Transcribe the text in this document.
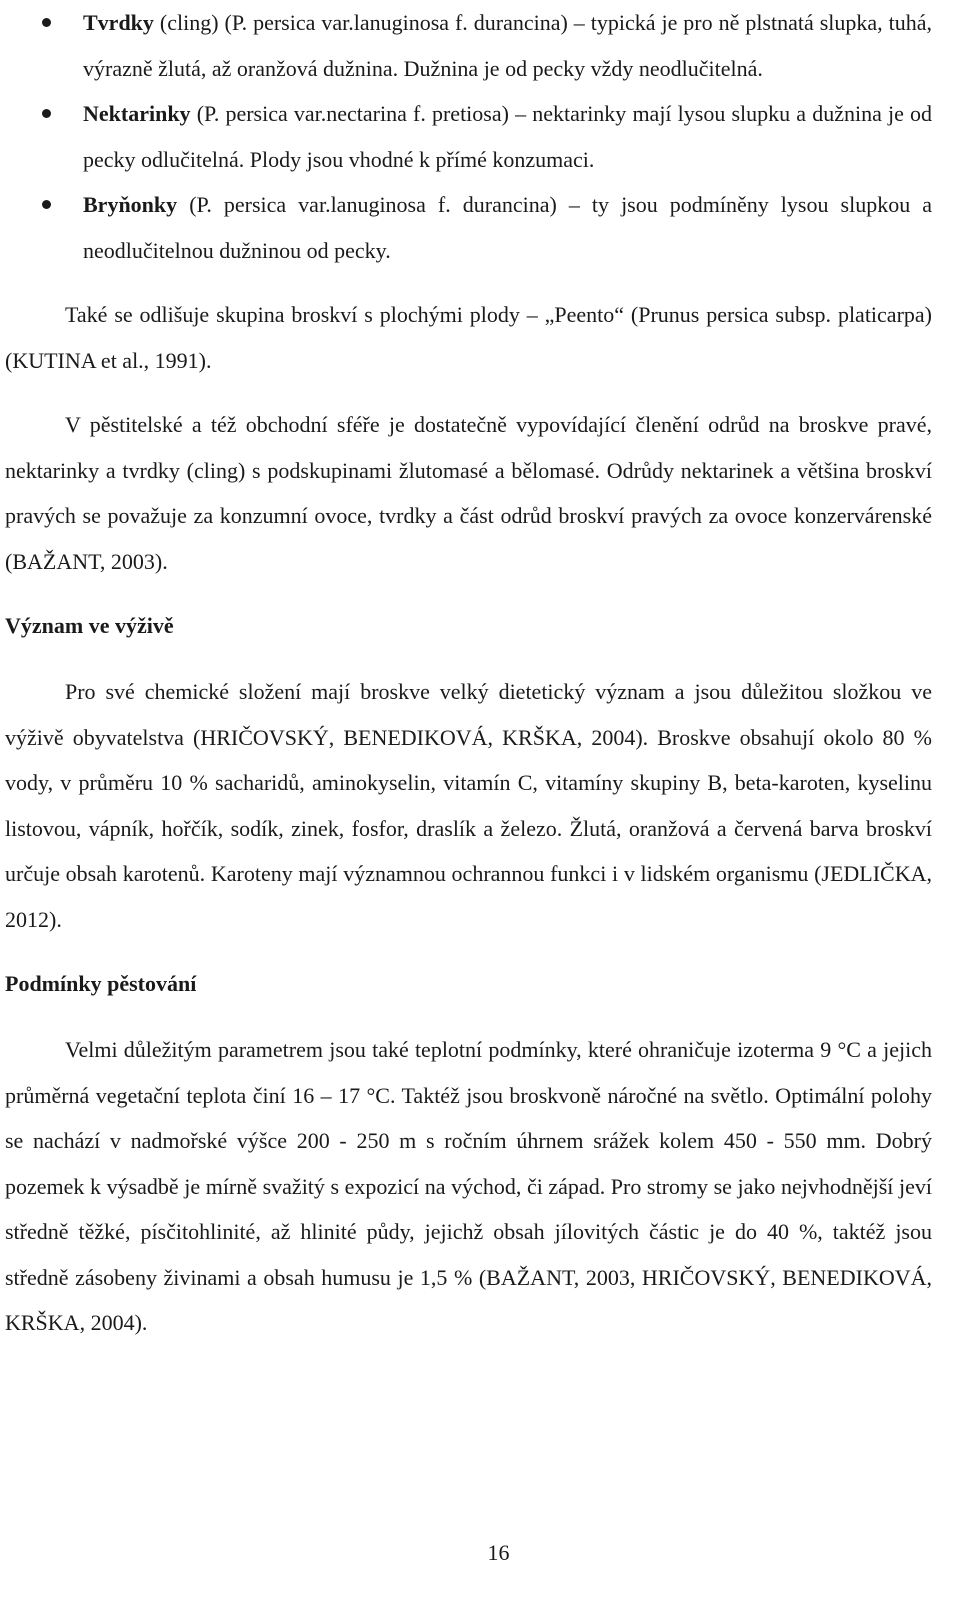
Tvrdky (cling) (P. persica var.lanuginosa f. durancina) – typická je pro ně plstnatá slupka, tuhá, výrazně žlutá, až oranžová dužnina. Dužnina je od pecky vždy neodlučitelná.
Nektarinky (P. persica var.nectarina f. pretiosa) – nektarinky mají lysou slupku a dužnina je od pecky odlučitelná. Plody jsou vhodné k přímé konzumaci.
Bryňonky (P. persica var.lanuginosa f. durancina) – ty jsou podmíněny lysou slupkou a neodlučitelnou dužninou od pecky.

Také se odlišuje skupina broskví s plochými plody – „Peento“ (Prunus persica subsp. platicarpa) (KUTINA et al., 1991).

V pěstitelské a též obchodní sféře je dostatečně vypovídající členění odrůd na broskve pravé, nektarinky a tvrdky (cling) s podskupinami žlutomasé a bělomasé. Odrůdy nektarinek a většina broskví pravých se považuje za konzumní ovoce, tvrdky a část odrůd broskví pravých za ovoce konzervárenské (BAŽANT, 2003).

Význam ve výživě

Pro své chemické složení mají broskve velký dietetický význam a jsou důležitou složkou ve výživě obyvatelstva (HRIČOVSKÝ, BENEDIKOVÁ, KRŠKA, 2004). Broskve obsahují okolo 80 % vody, v průměru 10 % sacharidů, aminokyselin, vitamín C, vitamíny skupiny B, beta-karoten, kyselinu listovou, vápník, hořčík, sodík, zinek, fosfor, draslík a železo. Žlutá, oranžová a červená barva broskví určuje obsah karotenů. Karoteny mají významnou ochrannou funkci i v lidském organismu (JEDLIČKA, 2012).

Podmínky pěstování

Velmi důležitým parametrem jsou také teplotní podmínky, které ohraničuje izoterma 9 °C a jejich průměrná vegetační teplota činí 16 – 17 °C. Taktéž jsou broskvoně náročné na světlo. Optimální polohy se nachází v nadmořské výšce 200 - 250 m s ročním úhrnem srážek kolem 450 - 550 mm. Dobrý pozemek k výsadbě je mírně svažitý s expozicí na východ, či západ. Pro stromy se jako nejvhodnější jeví středně těžké, písčitohlinité, až hlinité půdy, jejichž obsah jílovitých částic je do 40 %, taktéž jsou středně zásobeny živinami a obsah humusu je 1,5 % (BAŽANT, 2003, HRIČOVSKÝ, BENEDIKOVÁ, KRŠKA, 2004).

16
